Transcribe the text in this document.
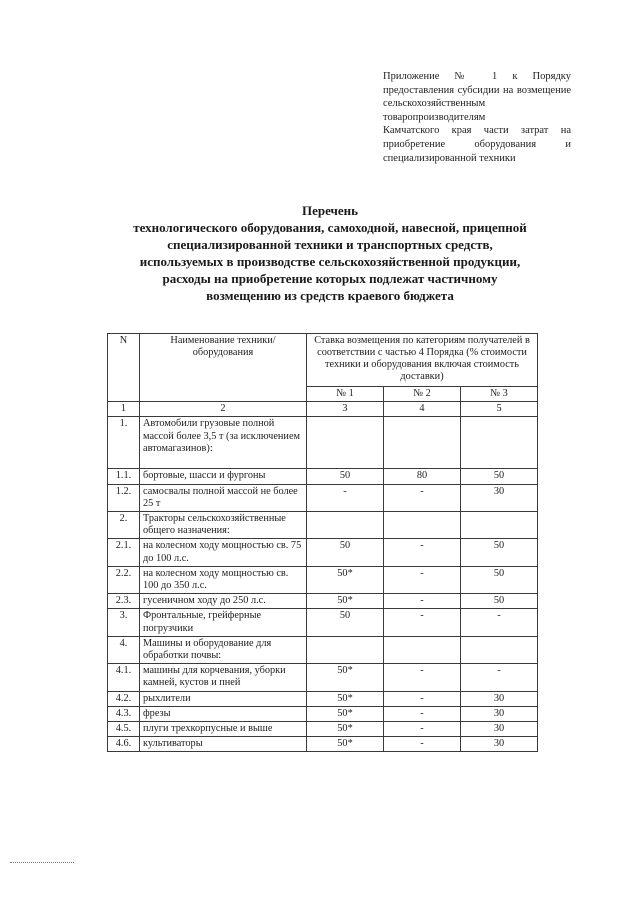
Приложение № 1 к Порядку предоставления субсидии на возмещение сельскохозяйственным товаропроизводителям

Камчатского края части затрат на приобретение оборудования и специализированной техники

Перечень

технологического оборудования, самоходной, навесной, прицепной

специализированной техники и транспортных средств,

используемых в производстве сельскохозяйственной продукции,

расходы на приобретение которых подлежат частичному

возмещению из средств краевого бюджета

N	Наименование техники/оборудования	Ставка возмещения по категориям получателей в соответствии с частью 4 Порядка (% стоимости техники и оборудования включая стоимость доставки)		
		№ 1	№ 2	№ 3
1	2	3	4	5
1.	Автомобили грузовые полной массой более 3,5 т (за исключением автомагазинов):			
1.1.	бортовые, шасси и фургоны	50	80	50
1.2.	самосвалы полной массой не более 25 т	-	-	30
2.	Тракторы сельскохозяйственные общего назначения:			
2.1.	на колесном ходу мощностью св. 75 до 100 л.с.	50	-	50
2.2.	на колесном ходу мощностью св. 100 до 350 л.с.	50*	-	50
2.3.	гусеничном ходу до 250 л.с.	50*	-	50
3.	Фронтальные, грейферные погрузчики	50	-	-
4.	Машины и оборудование для обработки почвы:			
4.1.	машины для корчевания, уборки камней, кустов и пней	50*	-	-
4.2.	рыхлители	50*	-	30
4.3.	фрезы	50*	-	30
4.5.	плуги трехкорпусные и выше	50*	-	30
4.6.	культиваторы	50*	-	30
